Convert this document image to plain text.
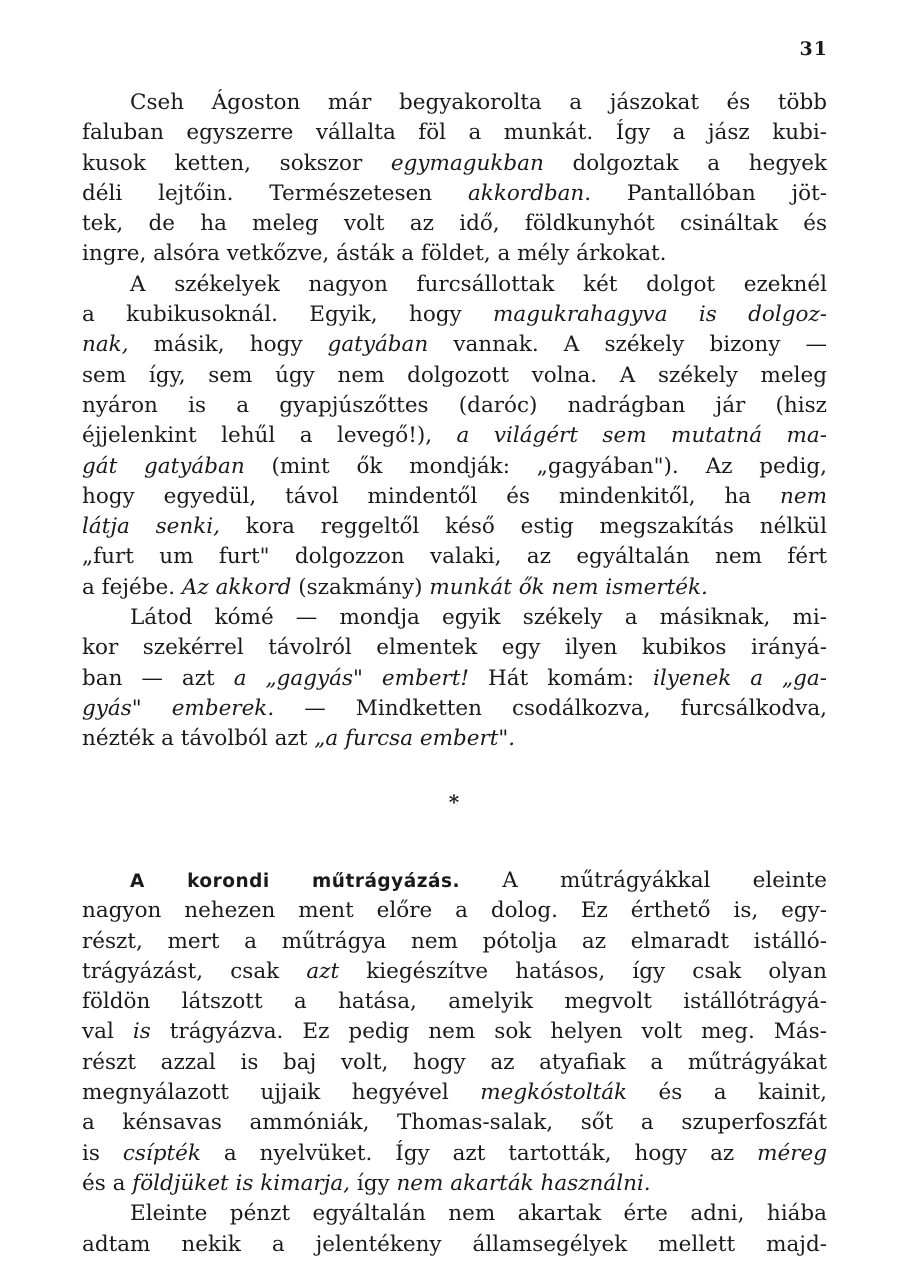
31
Cseh Ágoston már begyakorolta a jászokat és több
faluban egyszerre vállalta föl a munkát. Így a jász kubi-
kusok ketten, sokszor egymagukban dolgoztak a hegyek
déli lejtőin. Természetesen akkordban. Pantallóban jöt-
tek, de ha meleg volt az idő, földkunyhót csináltak és
ingre, alsóra vetkőzve, ásták a földet, a mély árkokat.
A székelyek nagyon furcsállottak két dolgot ezeknél
a kubikusoknál. Egyik, hogy magukrahagyva is dolgoz-
nak, másik, hogy gatyában vannak. A székely bizony —
sem így, sem úgy nem dolgozott volna. A székely meleg
nyáron is a gyapjúszőttes (daróc) nadrágban jár (hisz
éjjelenkint lehűl a levegő!), a világért sem mutatná ma-
gát gatyában (mint ők mondják: „gagyában"). Az pedig,
hogy egyedül, távol mindentől és mindenkitől, ha nem
látja senki, kora reggeltől késő estig megszakítás nélkül
„furt um furt" dolgozzon valaki, az egyáltalán nem fért
a fejébe. Az akkord (szakmány) munkát ők nem ismerték.
Látod kómé — mondja egyik székely a másiknak, mi-
kor szekérrel távolról elmentek egy ilyen kubikos irányá-
ban — azt a „gagyás" embert! Hát komám: ilyenek a „ga-
gyás" emberek. — Mindketten csodálkozva, furcsálkodva,
nézték a távolból azt „a furcsa embert".
*
A korondi műtrágyázás. A műtrágyákkal eleinte
nagyon nehezen ment előre a dolog. Ez érthető is, egy-
részt, mert a műtrágya nem pótolja az elmaradt istálló-
trágyázást, csak azt kiegészítve hatásos, így csak olyan
földön látszott a hatása, amelyik megvolt istállótrágyá-
val is trágyázva. Ez pedig nem sok helyen volt meg. Más-
részt azzal is baj volt, hogy az atyafiak a műtrágyákat
megnyálazott ujjaik hegyével megkóstolták és a kainit,
a kénsavas ammóniák, Thomas-salak, sőt a szuperfoszfát
is csípték a nyelvüket. Így azt tartották, hogy az méreg
és a földjüket is kimarja, így nem akarták használni.
Eleinte pénzt egyáltalán nem akartak érte adni, hiába
adtam nekik a jelentékeny államsegélyek mellett majd-
